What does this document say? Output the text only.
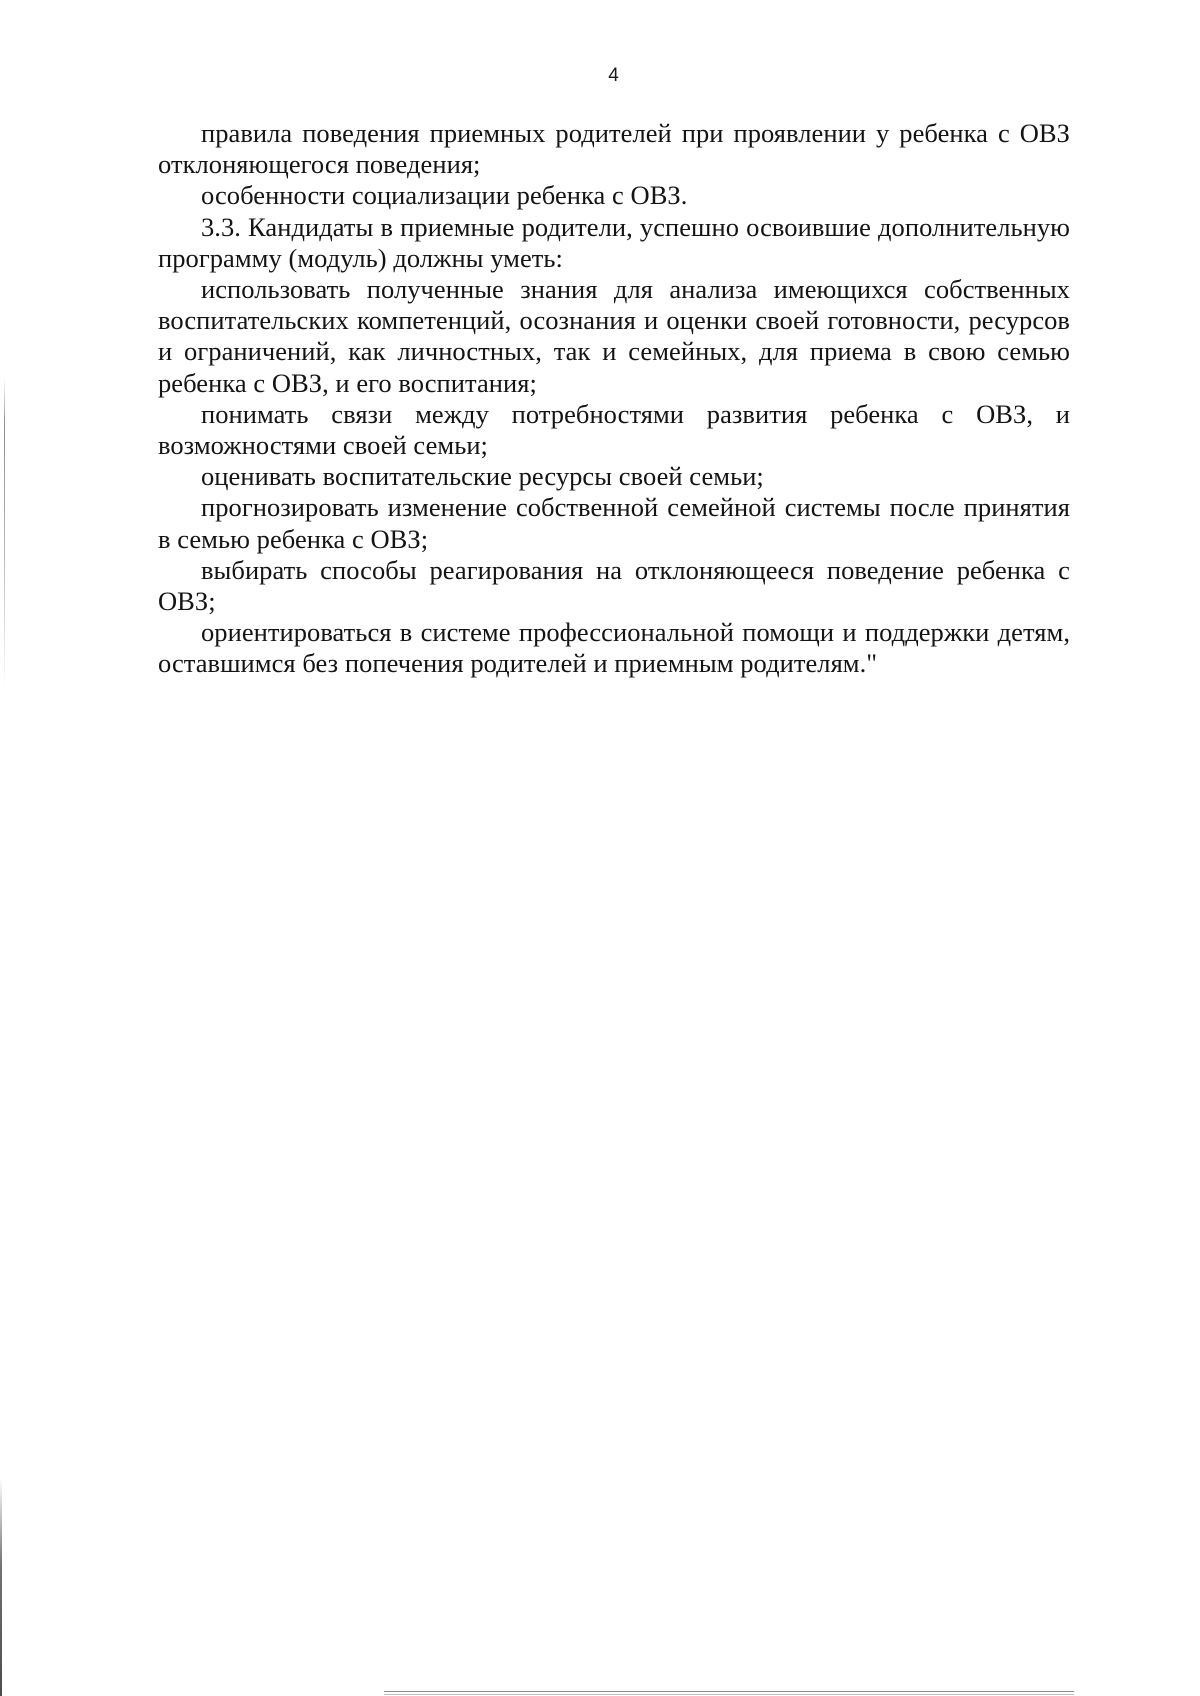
4

правила поведения приемных родителей при проявлении у ребенка с ОВЗ отклоняющегося поведения;

особенности социализации ребенка с ОВЗ.

3.3. Кандидаты в приемные родители, успешно освоившие дополнительную программу (модуль) должны уметь:

использовать полученные знания для анализа имеющихся собственных воспитательских компетенций, осознания и оценки своей готовности, ресурсов и ограничений, как личностных, так и семейных, для приема в свою семью ребенка с ОВЗ, и его воспитания;

понимать связи между потребностями развития ребенка с ОВЗ, и возможностями своей семьи;

оценивать воспитательские ресурсы своей семьи;

прогнозировать изменение собственной семейной системы после принятия в семью ребенка с ОВЗ;

выбирать способы реагирования на отклоняющееся поведение ребенка с ОВЗ;

ориентироваться в системе профессиональной помощи и поддержки детям, оставшимся без попечения родителей и приемным родителям."
